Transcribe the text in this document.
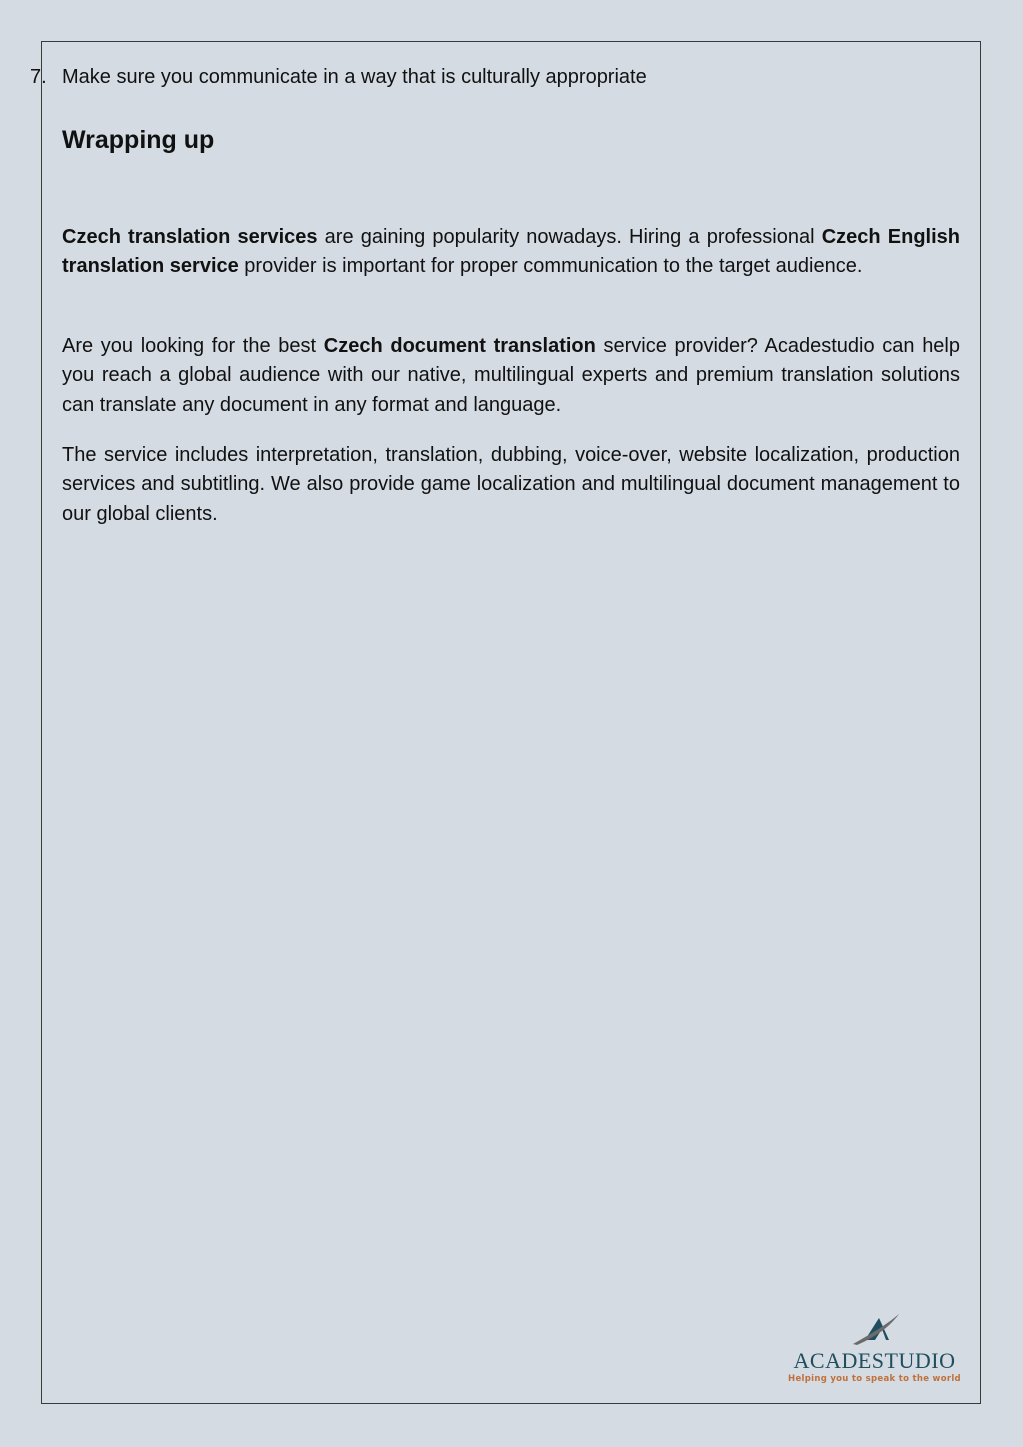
7. Make sure you communicate in a way that is culturally appropriate
Wrapping up

Czech translation services are gaining popularity nowadays. Hiring a professional Czech English translation service provider is important for proper communication to the target audience.

Are you looking for the best Czech document translation service provider? Acadestudio can help you reach a global audience with our native, multilingual experts and premium translation solutions can translate any document in any format and language.

The service includes interpretation, translation, dubbing, voice-over, website localization, production services and subtitling. We also provide game localization and multilingual document management to our global clients.

ACADESTUDIO
Helping you to speak to the world
